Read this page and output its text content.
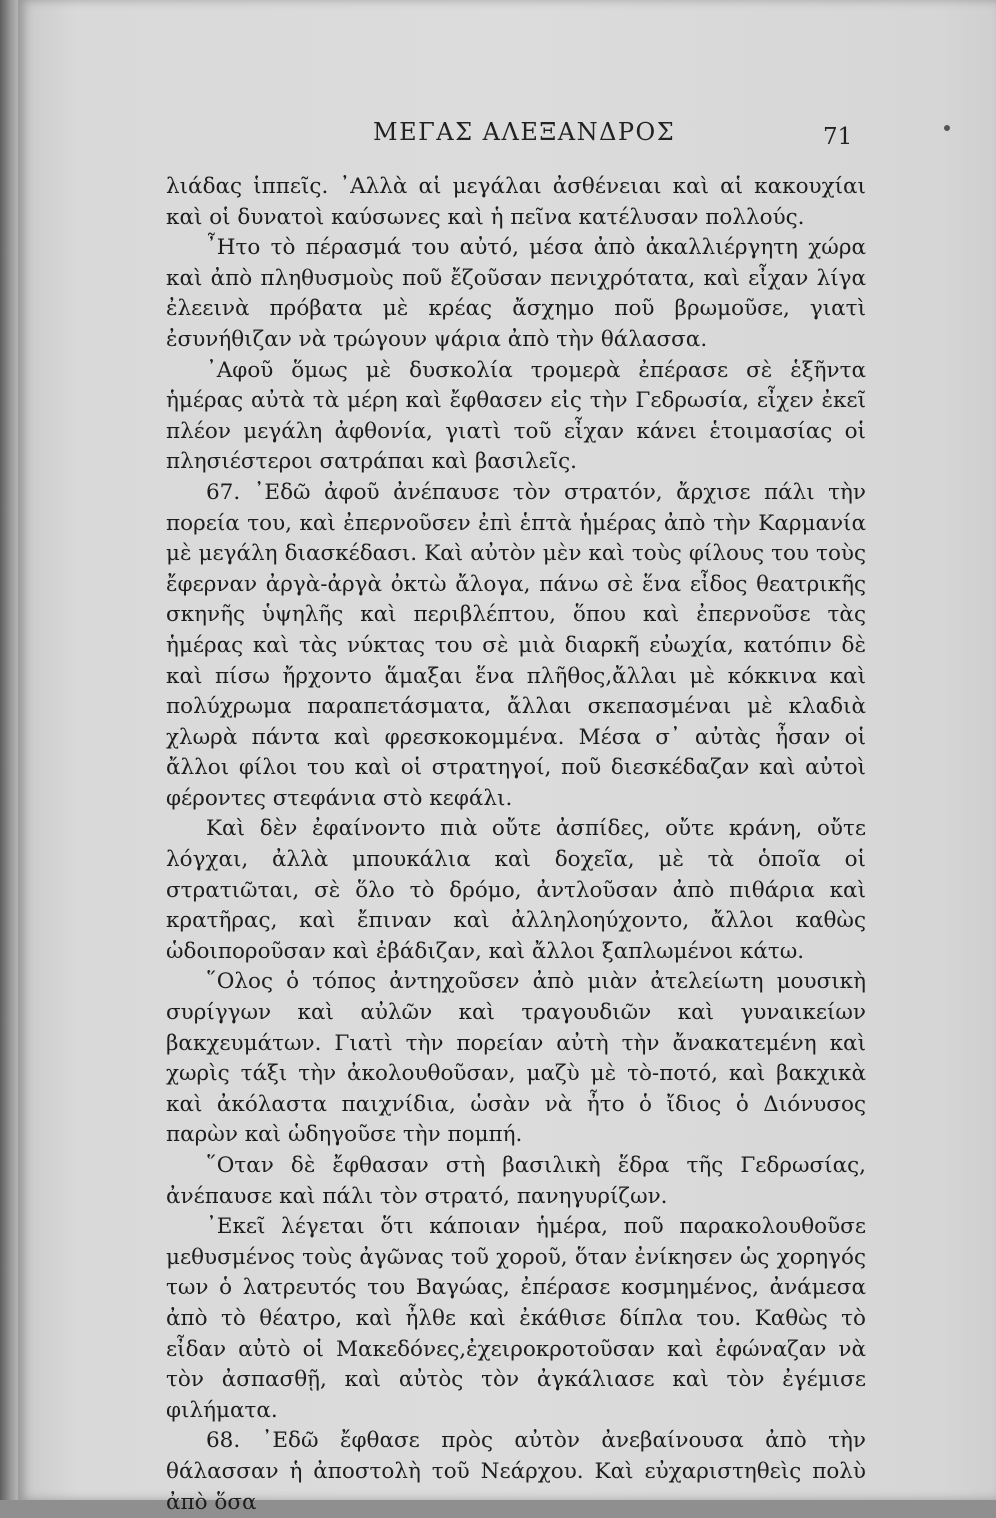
ΜΕΓΑΣ ΑΛΕΞΑΝΔΡΟΣ	71

λιάδας ἱππεῖς. ᾿Αλλὰ αἱ μεγάλαι ἀσθένειαι καὶ αἱ κακουχίαι καὶ οἱ δυνατοὶ καύσωνες καὶ ἡ πεῖνα κατέλυσαν πολλούς.

῏Ητο τὸ πέρασμά του αὐτό, μέσα ἀπὸ ἀκαλλιέργητη χώρα καὶ ἀπὸ πληθυσμοὺς ποῦ ἔζοῦσαν πενιχρότατα, καὶ εἶχαν λίγα ἐλεεινὰ πρόβατα μὲ κρέας ἄσχημο ποῦ βρωμοῦσε, γιατὶ ἐσυνήθιζαν νὰ τρώγουν ψάρια ἀπὸ τὴν θάλασσα.

᾿Αφοῦ ὅμως μὲ δυσκολία τρομερὰ ἐπέρασε σὲ ἑξῆντα ἡμέρας αὐτὰ τὰ μέρη καὶ ἔφθασεν εἰς τὴν Γεδρωσία, εἶχεν ἐκεῖ πλέον μεγάλη ἀφθονία, γιατὶ τοῦ εἶχαν κάνει ἑτοιμασίας οἱ πλησιέστεροι σατράπαι καὶ βασιλεῖς.

67. ᾿Εδῶ ἀφοῦ ἀνέπαυσε τὸν στρατόν, ἄρχισε πάλι τὴν πορεία του, καὶ ἐπερνοῦσεν ἐπὶ ἑπτὰ ἡμέρας ἀπὸ τὴν Καρμανία μὲ μεγάλη διασκέδασι. Καὶ αὐτὸν μὲν καὶ τοὺς φίλους του τοὺς ἔφερναν ἀργὰ-ἀργὰ ὀκτὼ ἄλογα, πάνω σὲ ἕνα εἶδος θεατρικῆς σκηνῆς ὑψηλῆς καὶ περιβλέπτου, ὅπου καὶ ἐπερνοῦσε τὰς ἡμέρας καὶ τὰς νύκτας του σὲ μιὰ διαρκῆ εὐωχία, κατόπιν δὲ καὶ πίσω ἤρχοντο ἅμαξαι ἕνα πλῆθος,ἄλλαι μὲ κόκκινα καὶ πολύχρωμα παραπετάσματα, ἄλλαι σκεπασμέναι μὲ κλαδιὰ χλωρὰ πάντα καὶ φρεσκοκομμένα. Μέσα σ᾿ αὐτὰς ἦσαν οἱ ἄλλοι φίλοι του καὶ οἱ στρατηγοί, ποῦ διεσκέδαζαν καὶ αὐτοὶ φέροντες στεφάνια στὸ κεφάλι.

Καὶ δὲν ἐφαίνοντο πιὰ οὔτε ἀσπίδες, οὔτε κράνη, οὔτε λόγχαι, ἀλλὰ μπουκάλια καὶ δοχεῖα, μὲ τὰ ὁποῖα οἱ στρατιῶται, σὲ ὅλο τὸ δρόμο, ἀντλοῦσαν ἀπὸ πιθάρια καὶ κρατῆρας, καὶ ἔπιναν καὶ ἀλληλοηύχοντο, ἄλλοι καθὼς ὡδοιποροῦσαν καὶ ἐβάδιζαν, καὶ ἄλλοι ξαπλωμένοι κάτω.

῞Ολος ὁ τόπος ἀντηχοῦσεν ἀπὸ μιὰν ἀτελείωτη μουσικὴ συρίγγων καὶ αὐλῶν καὶ τραγουδιῶν καὶ γυναικείων βακχευμάτων. Γιατὶ τὴν πορείαν αὐτὴ τὴν ἄνακατεμένη καὶ χωρὶς τάξι τὴν ἀκολουθοῦσαν, μαζὺ μὲ τὸ-ποτό, καὶ βακχικὰ καὶ ἀκόλαστα παιχνίδια, ὡσὰν νὰ ἦτο ὁ ἴδιος ὁ Διόνυσος παρὼν καὶ ὡδηγοῦσε τὴν πομπή.

῞Οταν δὲ ἔφθασαν στὴ βασιλικὴ ἕδρα τῆς Γεδρωσίας, ἀνέπαυσε καὶ πάλι τὸν στρατό, πανηγυρίζων.

᾿Εκεῖ λέγεται ὅτι κάποιαν ἡμέρα, ποῦ παρακολουθοῦσε μεθυσμένος τοὺς ἀγῶνας τοῦ χοροῦ, ὅταν ἐνίκησεν ὡς χορηγός των ὁ λατρευτός του Βαγώας, ἐπέρασε κοσμημένος, ἀνάμεσα ἀπὸ τὸ θέατρο, καὶ ἦλθε καὶ ἐκάθισε δίπλα του. Καθὼς τὸ εἶδαν αὐτὸ οἱ Μακεδόνες,ἐχειροκροτοῦσαν καὶ ἐφώναζαν νὰ τὸν ἀσπασθῇ, καὶ αὐτὸς τὸν ἀγκάλιασε καὶ τὸν ἐγέμισε φιλήματα.

68. ᾿Εδῶ ἔφθασε πρὸς αὐτὸν ἀνεβαίνουσα ἀπὸ τὴν θάλασσαν ἡ ἀποστολὴ τοῦ Νεάρχου. Καὶ εὐχαριστηθεὶς πολὺ ἀπὸ ὅσα
